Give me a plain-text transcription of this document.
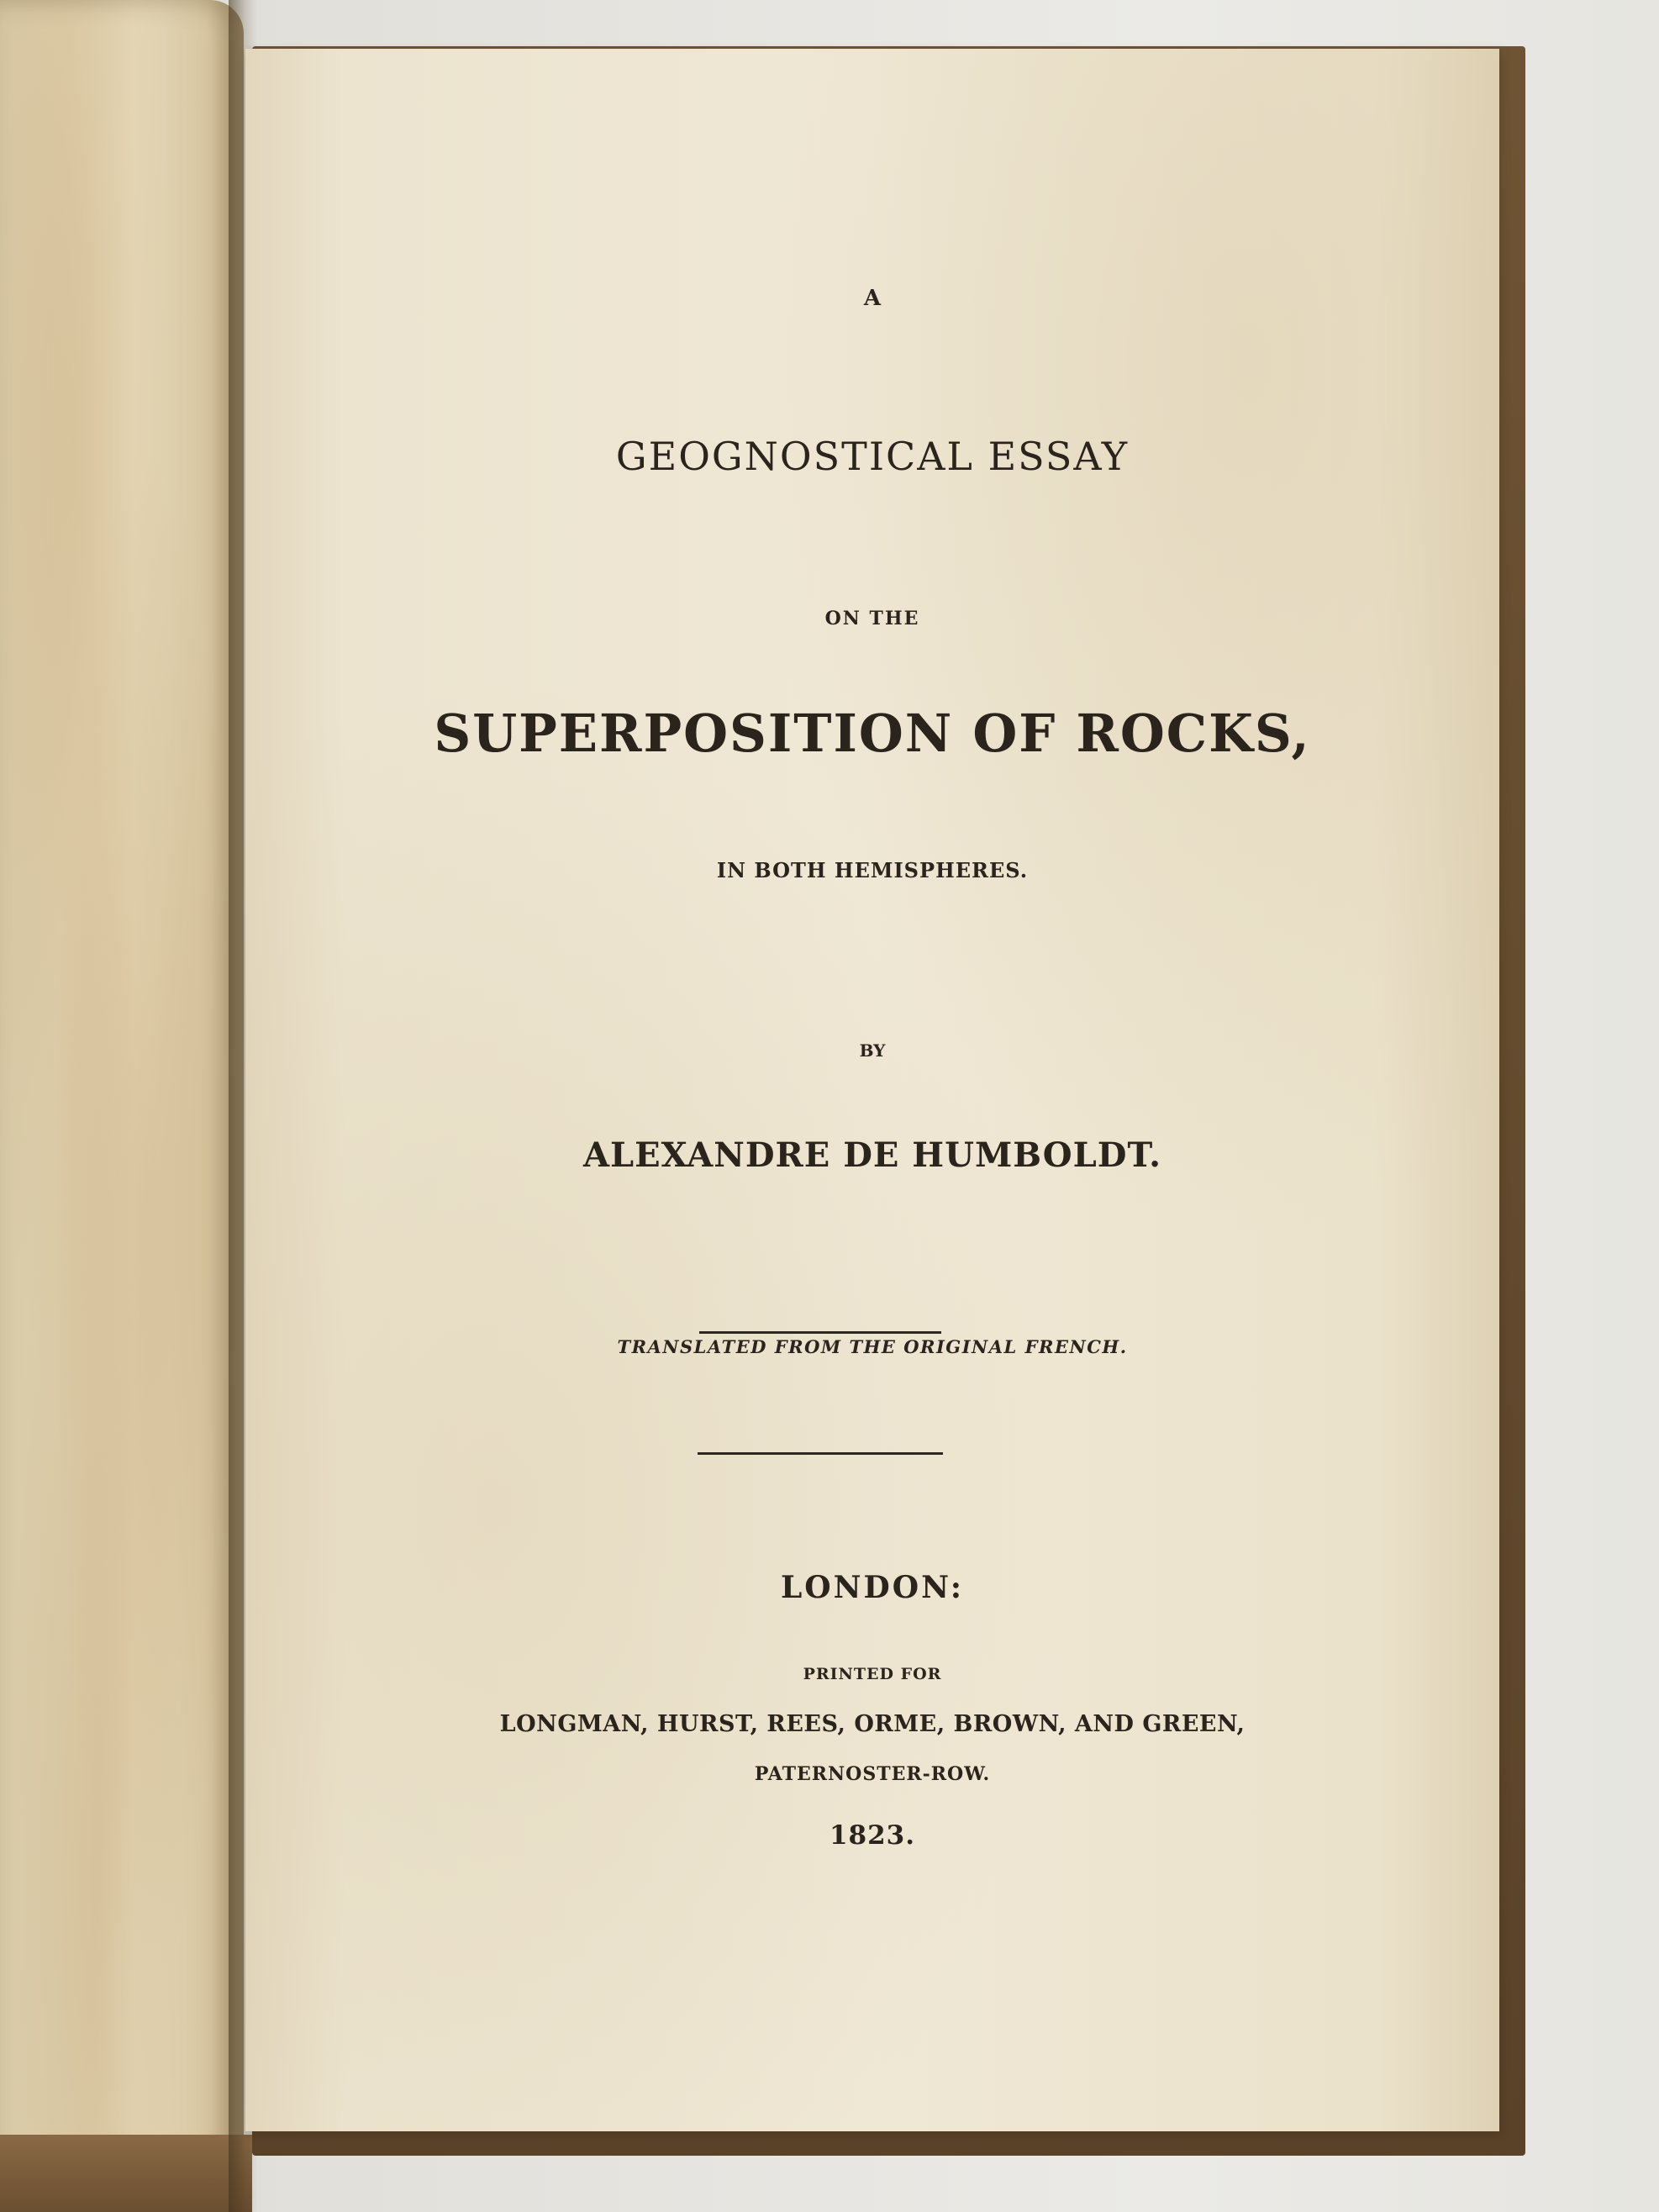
A
GEOGNOSTICAL ESSAY
ON THE
SUPERPOSITION OF ROCKS,
IN BOTH HEMISPHERES.
BY
ALEXANDRE DE HUMBOLDT.
TRANSLATED FROM THE ORIGINAL FRENCH.
LONDON:
PRINTED FOR
LONGMAN, HURST, REES, ORME, BROWN, AND GREEN,
PATERNOSTER-ROW.
1823.
